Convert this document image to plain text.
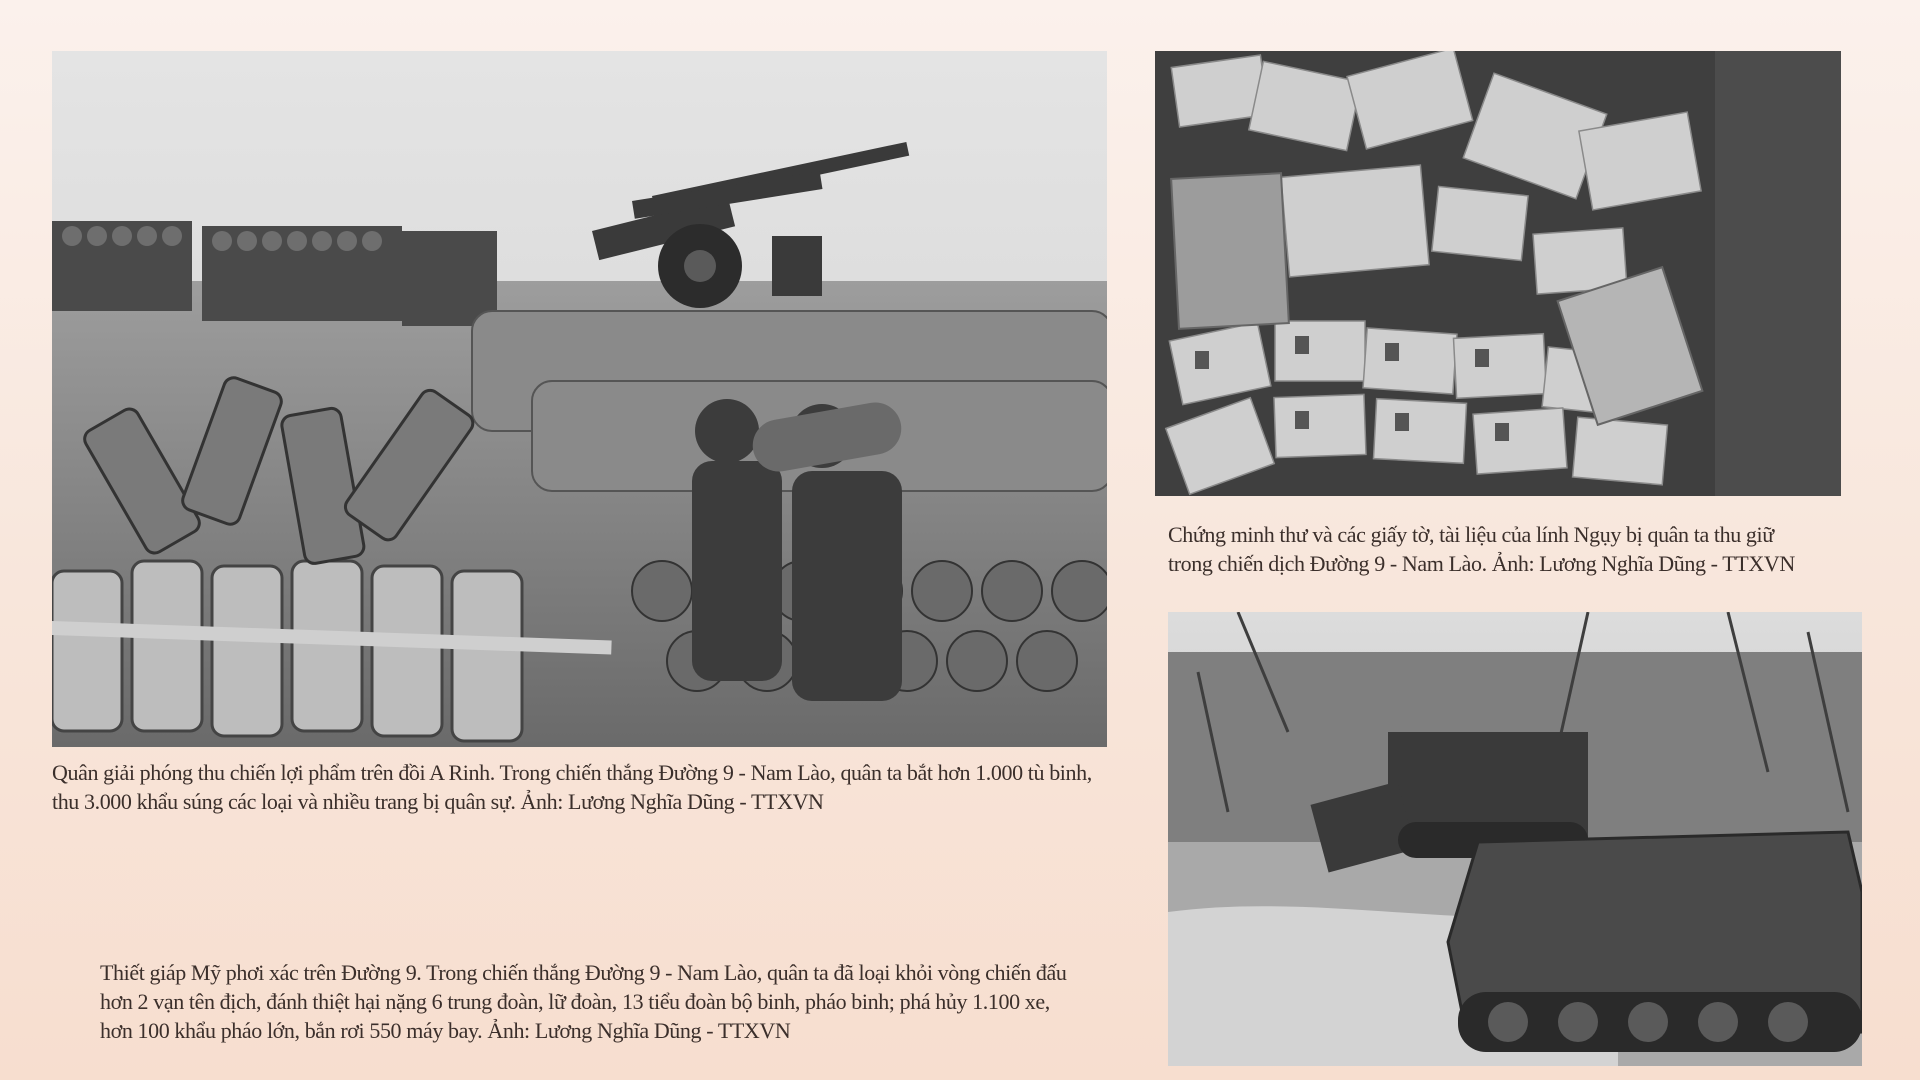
Quân giải phóng thu chiến lợi phẩm trên đồi A Rinh. Trong chiến thắng Đường 9 - Nam Lào, quân ta bắt hơn 1.000 tù binh,
thu 3.000 khẩu súng các loại và nhiều trang bị quân sự. Ảnh: Lương Nghĩa Dũng - TTXVN
Chứng minh thư và các giấy tờ, tài liệu của lính Ngụy bị quân ta thu giữ
trong chiến dịch Đường 9 - Nam Lào. Ảnh: Lương Nghĩa Dũng - TTXVN
Thiết giáp Mỹ phơi xác trên Đường 9. Trong chiến thắng Đường 9 - Nam Lào, quân ta đã loại khỏi vòng chiến đấu
hơn 2 vạn tên địch, đánh thiệt hại nặng 6 trung đoàn, lữ đoàn, 13 tiểu đoàn bộ binh, pháo binh; phá hủy 1.100 xe,
hơn 100 khẩu pháo lớn, bắn rơi 550 máy bay. Ảnh: Lương Nghĩa Dũng - TTXVN
